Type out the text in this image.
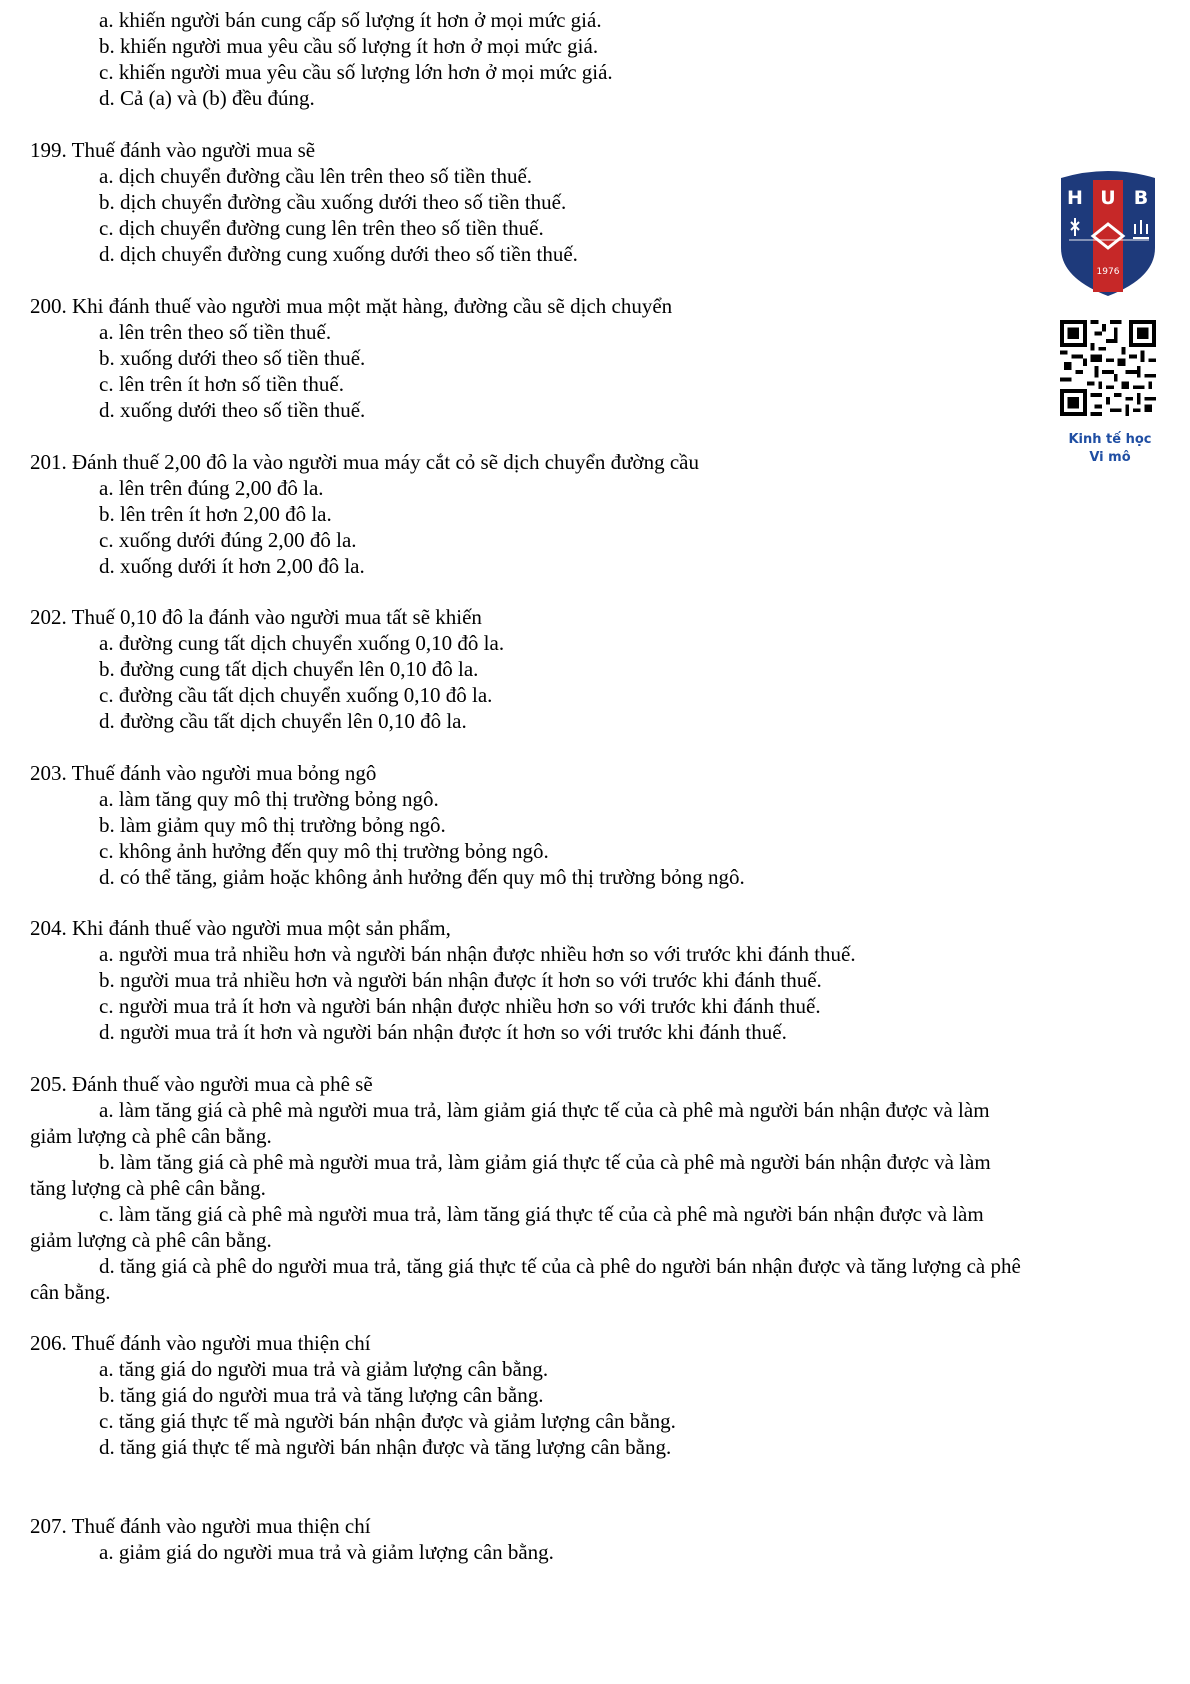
a. khiến người bán cung cấp số lượng ít hơn ở mọi mức giá.
b. khiến người mua yêu cầu số lượng ít hơn ở mọi mức giá.
c. khiến người mua yêu cầu số lượng lớn hơn ở mọi mức giá.
d. Cả (a) và (b) đều đúng.
199. Thuế đánh vào người mua sẽ
a. dịch chuyển đường cầu lên trên theo số tiền thuế.
b. dịch chuyển đường cầu xuống dưới theo số tiền thuế.
c. dịch chuyển đường cung lên trên theo số tiền thuế.
d. dịch chuyển đường cung xuống dưới theo số tiền thuế.
200. Khi đánh thuế vào người mua một mặt hàng, đường cầu sẽ dịch chuyển
a. lên trên theo số tiền thuế.
b. xuống dưới theo số tiền thuế.
c. lên trên ít hơn số tiền thuế.
d. xuống dưới theo số tiền thuế.
201. Đánh thuế 2,00 đô la vào người mua máy cắt cỏ sẽ dịch chuyển đường cầu
a. lên trên đúng 2,00 đô la.
b. lên trên ít hơn 2,00 đô la.
c. xuống dưới đúng 2,00 đô la.
d. xuống dưới ít hơn 2,00 đô la.
202. Thuế 0,10 đô la đánh vào người mua tất sẽ khiến
a. đường cung tất dịch chuyển xuống 0,10 đô la.
b. đường cung tất dịch chuyển lên 0,10 đô la.
c. đường cầu tất dịch chuyển xuống 0,10 đô la.
d. đường cầu tất dịch chuyển lên 0,10 đô la.
203. Thuế đánh vào người mua bỏng ngô
a. làm tăng quy mô thị trường bỏng ngô.
b. làm giảm quy mô thị trường bỏng ngô.
c. không ảnh hưởng đến quy mô thị trường bỏng ngô.
d. có thể tăng, giảm hoặc không ảnh hưởng đến quy mô thị trường bỏng ngô.
204. Khi đánh thuế vào người mua một sản phẩm,
a. người mua trả nhiều hơn và người bán nhận được nhiều hơn so với trước khi đánh thuế.
b. người mua trả nhiều hơn và người bán nhận được ít hơn so với trước khi đánh thuế.
c. người mua trả ít hơn và người bán nhận được nhiều hơn so với trước khi đánh thuế.
d. người mua trả ít hơn và người bán nhận được ít hơn so với trước khi đánh thuế.
205. Đánh thuế vào người mua cà phê sẽ
a. làm tăng giá cà phê mà người mua trả, làm giảm giá thực tế của cà phê mà người bán nhận được và làm
giảm lượng cà phê cân bằng.
b. làm tăng giá cà phê mà người mua trả, làm giảm giá thực tế của cà phê mà người bán nhận được và làm
tăng lượng cà phê cân bằng.
c. làm tăng giá cà phê mà người mua trả, làm tăng giá thực tế của cà phê mà người bán nhận được và làm
giảm lượng cà phê cân bằng.
d. tăng giá cà phê do người mua trả, tăng giá thực tế của cà phê do người bán nhận được và tăng lượng cà phê
cân bằng.
206. Thuế đánh vào người mua thiện chí
a. tăng giá do người mua trả và giảm lượng cân bằng.
b. tăng giá do người mua trả và tăng lượng cân bằng.
c. tăng giá thực tế mà người bán nhận được và giảm lượng cân bằng.
d. tăng giá thực tế mà người bán nhận được và tăng lượng cân bằng.
207. Thuế đánh vào người mua thiện chí
a. giảm giá do người mua trả và giảm lượng cân bằng.
H U B
1976
Kinh tế học
Vi mô
